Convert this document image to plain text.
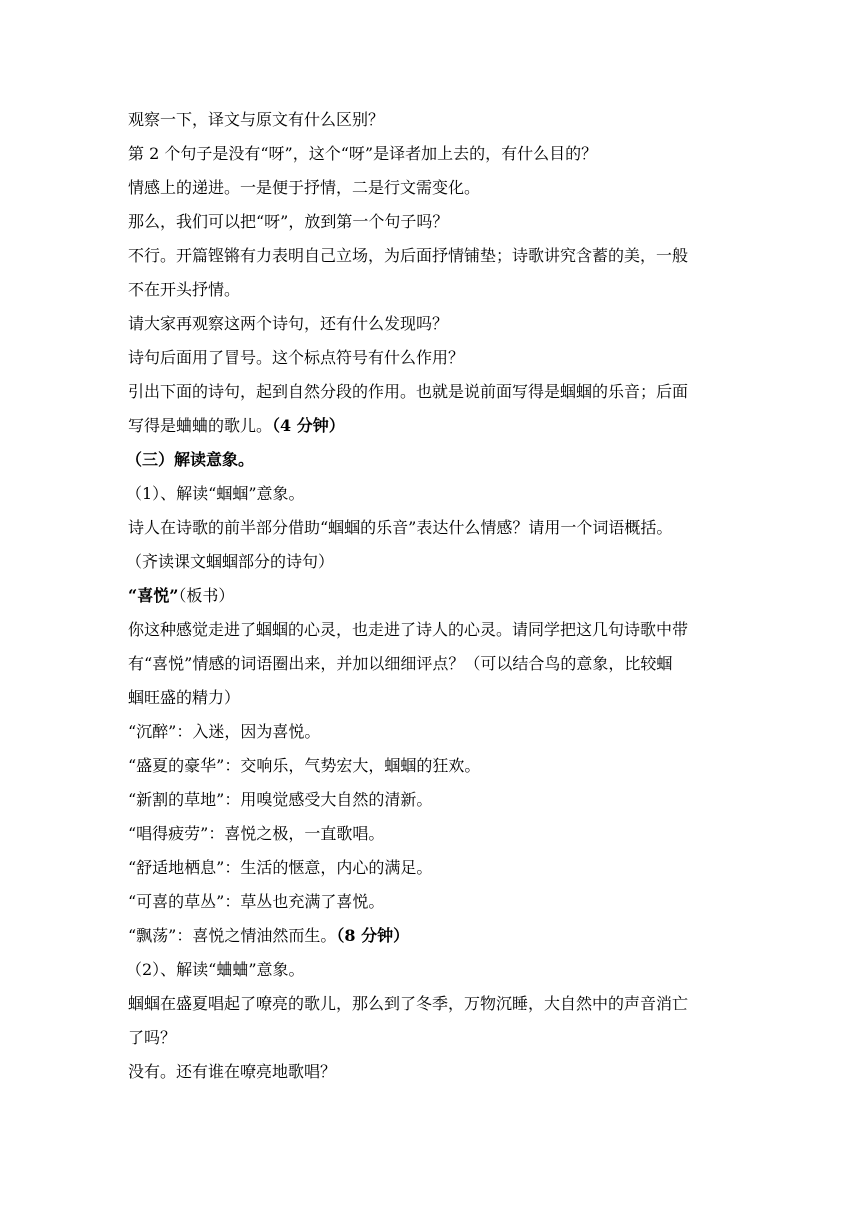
观察一下，译文与原文有什么区别？

第 2 个句子是没有“呀”，这个“呀”是译者加上去的，有什么目的？

情感上的递进。一是便于抒情，二是行文需变化。

那么，我们可以把“呀”，放到第一个句子吗？

不行。开篇铿锵有力表明自己立场，为后面抒情铺垫；诗歌讲究含蓄的美，一般

不在开头抒情。

请大家再观察这两个诗句，还有什么发现吗？

诗句后面用了冒号。这个标点符号有什么作用？

引出下面的诗句，起到自然分段的作用。也就是说前面写得是蝈蝈的乐音；后面

写得是蛐蛐的歌儿。（4 分钟）

（三）解读意象。

（1）、解读“蝈蝈”意象。

诗人在诗歌的前半部分借助“蝈蝈的乐音”表达什么情感？请用一个词语概括。

（齐读课文蝈蝈部分的诗句）

“喜悦”（板书）

你这种感觉走进了蝈蝈的心灵，也走进了诗人的心灵。请同学把这几句诗歌中带

有“喜悦”情感的词语圈出来，并加以细细评点？（可以结合鸟的意象，比较蝈

蝈旺盛的精力）

“沉醉”：入迷，因为喜悦。

“盛夏的豪华”：交响乐，气势宏大，蝈蝈的狂欢。

“新割的草地”：用嗅觉感受大自然的清新。

“唱得疲劳”：喜悦之极，一直歌唱。

“舒适地栖息”：生活的惬意，内心的满足。

“可喜的草丛”：草丛也充满了喜悦。

“飘荡”：喜悦之情油然而生。（8 分钟）

（2）、解读“蛐蛐”意象。

蝈蝈在盛夏唱起了嘹亮的歌儿，那么到了冬季，万物沉睡，大自然中的声音消亡

了吗？

没有。还有谁在嘹亮地歌唱？
